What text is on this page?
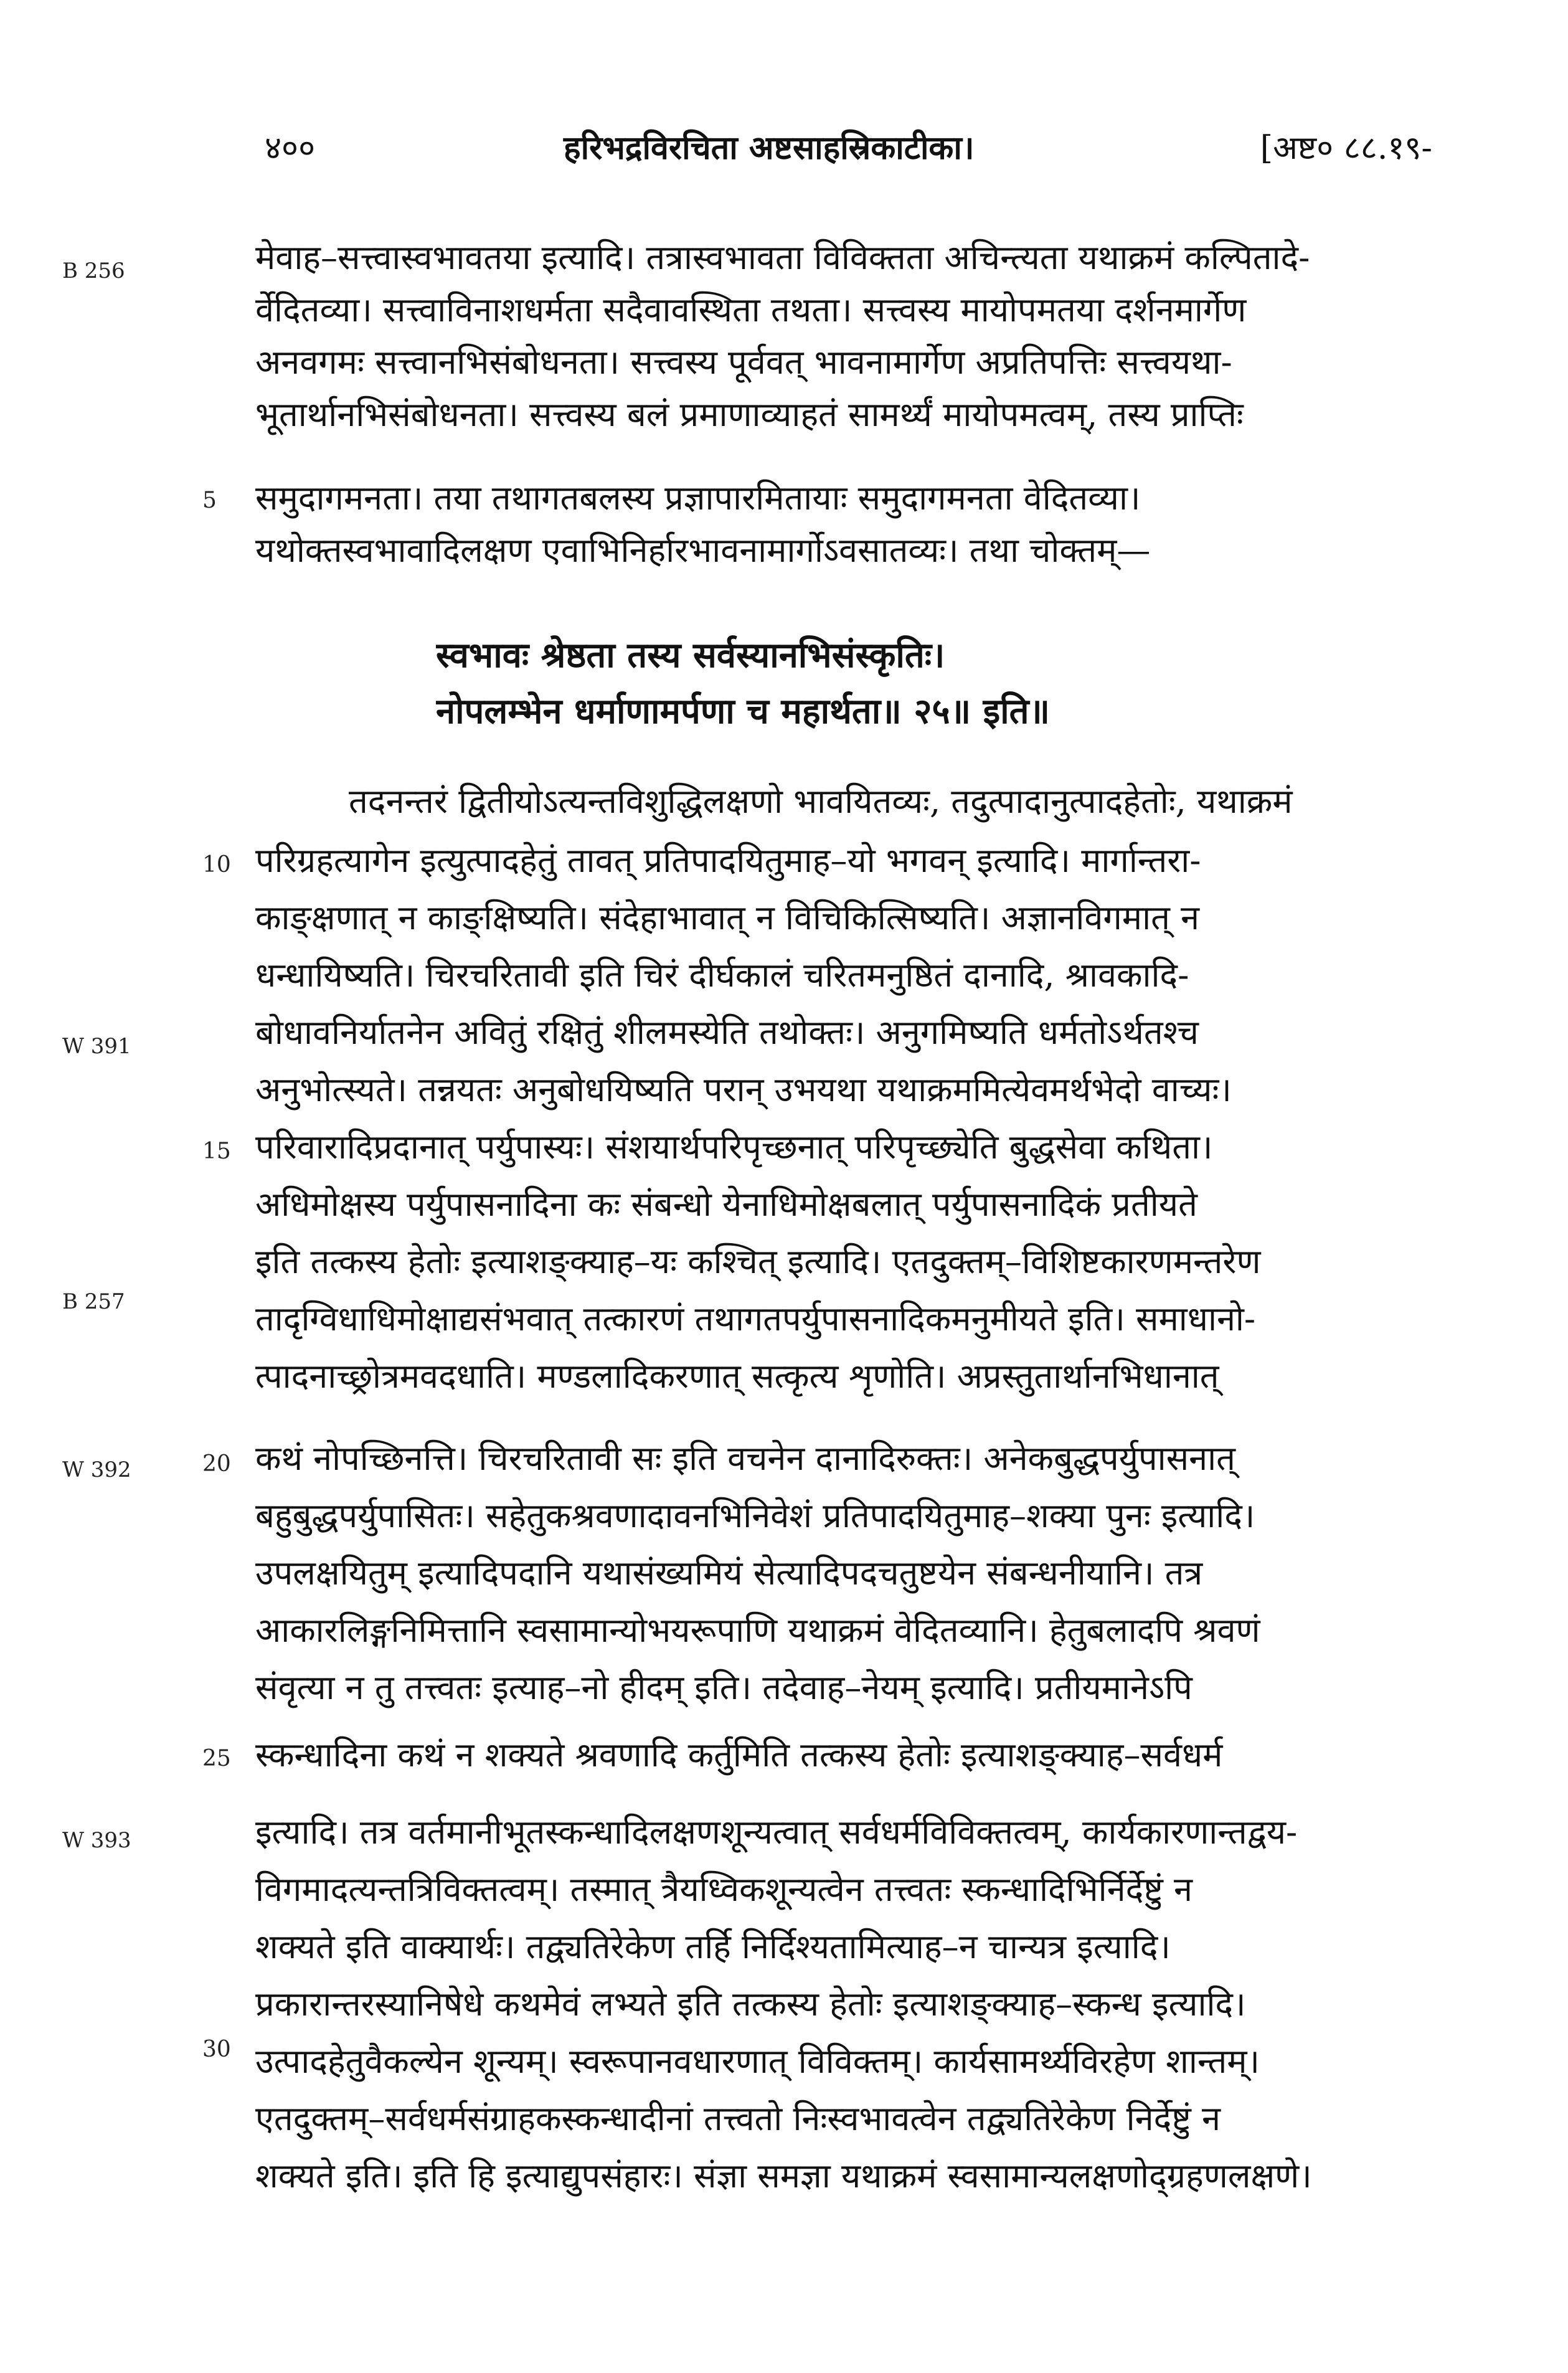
४००	हरिभद्रविरचिता अष्टसाहस्रिकाटीका।	[अष्ट० ८८.१९-
B 256
W 391
B 257
W 392
W 393
5
10
15
20
25
30
मेवाह–सत्त्वास्वभावतया इत्यादि। तत्रास्वभावता विविक्तता अचिन्त्यता यथाक्रमं कल्पितादे-
र्वेदितव्या। सत्त्वाविनाशधर्मता सदैवावस्थिता तथता। सत्त्वस्य मायोपमतया दर्शनमार्गेण
अनवगमः सत्त्वानभिसंबोधनता। सत्त्वस्य पूर्ववत् भावनामार्गेण अप्रतिपत्तिः सत्त्वयथा-
भूतार्थानभिसंबोधनता। सत्त्वस्य बलं प्रमाणाव्याहतं सामर्थ्यं मायोपमत्वम्, तस्य प्राप्तिः
समुदागमनता। तया तथागतबलस्य प्रज्ञापारमितायाः समुदागमनता वेदितव्या।
यथोक्तस्वभावादिलक्षण एवाभिनिर्हारभावनामार्गोऽवसातव्यः। तथा चोक्तम्—
स्वभावः श्रेष्ठता तस्य सर्वस्यानभिसंस्कृतिः।
नोपलम्भेन धर्माणामर्पणा च महार्थता॥ २५॥ इति॥
तदनन्तरं द्वितीयोऽत्यन्तविशुद्धिलक्षणो भावयितव्यः, तदुत्पादानुत्पादहेतोः, यथाक्रमं
परिग्रहत्यागेन इत्युत्पादहेतुं तावत् प्रतिपादयितुमाह–यो भगवन् इत्यादि। मार्गान्तरा-
काङ्क्षणात् न काङ्क्षिष्यति। संदेहाभावात् न विचिकित्सिष्यति। अज्ञानविगमात् न
धन्धायिष्यति। चिरचरितावी इति चिरं दीर्घकालं चरितमनुष्ठितं दानादि, श्रावकादि-
बोधावनिर्यातनेन अवितुं रक्षितुं शीलमस्येति तथोक्तः। अनुगमिष्यति धर्मतोऽर्थतश्च
अनुभोत्स्यते। तन्नयतः अनुबोधयिष्यति परान् उभयथा यथाक्रममित्येवमर्थभेदो वाच्यः।
परिवारादिप्रदानात् पर्युपास्यः। संशयार्थपरिपृच्छनात् परिपृच्छ्येति बुद्धसेवा कथिता।
अधिमोक्षस्य पर्युपासनादिना कः संबन्धो येनाधिमोक्षबलात् पर्युपासनादिकं प्रतीयते
इति तत्कस्य हेतोः इत्याशङ्क्याह–यः कश्चित् इत्यादि। एतदुक्तम्–विशिष्टकारणमन्तरेण
तादृग्विधाधिमोक्षाद्यसंभवात् तत्कारणं तथागतपर्युपासनादिकमनुमीयते इति। समाधानो-
त्पादनाच्छ्रोत्रमवदधाति। मण्डलादिकरणात् सत्कृत्य शृणोति। अप्रस्तुतार्थानभिधानात्
कथं नोपच्छिनत्ति। चिरचरितावी सः इति वचनेन दानादिरुक्तः। अनेकबुद्धपर्युपासनात्
बहुबुद्धपर्युपासितः। सहेतुकश्रवणादावनभिनिवेशं प्रतिपादयितुमाह–शक्या पुनः इत्यादि।
उपलक्षयितुम् इत्यादिपदानि यथासंख्यमियं सेत्यादिपदचतुष्टयेन संबन्धनीयानि। तत्र
आकारलिङ्गनिमित्तानि स्वसामान्योभयरूपाणि यथाक्रमं वेदितव्यानि। हेतुबलादपि श्रवणं
संवृत्या न तु तत्त्वतः इत्याह–नो हीदम् इति। तदेवाह–नेयम् इत्यादि। प्रतीयमानेऽपि
स्कन्धादिना कथं न शक्यते श्रवणादि कर्तुमिति तत्कस्य हेतोः इत्याशङ्क्याह–सर्वधर्म
इत्यादि। तत्र वर्तमानीभूतस्कन्धादिलक्षणशून्यत्वात् सर्वधर्मविविक्तत्वम्, कार्यकारणान्तद्वय-
विगमादत्यन्तत्रिविक्तत्वम्। तस्मात् त्रैयध्विकशून्यत्वेन तत्त्वतः स्कन्धादिभिर्निर्देष्टुं न
शक्यते इति वाक्यार्थः। तद्व्यतिरेकेण तर्हि निर्दिश्यतामित्याह–न चान्यत्र इत्यादि।
प्रकारान्तरस्यानिषेधे कथमेवं लभ्यते इति तत्कस्य हेतोः इत्याशङ्क्याह–स्कन्ध इत्यादि।
उत्पादहेतुवैकल्येन शून्यम्। स्वरूपानवधारणात् विविक्तम्। कार्यसामर्थ्यविरहेण शान्तम्।
एतदुक्तम्–सर्वधर्मसंग्राहकस्कन्धादीनां तत्त्वतो निःस्वभावत्वेन तद्व्यतिरेकेण निर्देष्टुं न
शक्यते इति। इति हि इत्याद्युपसंहारः। संज्ञा समज्ञा यथाक्रमं स्वसामान्यलक्षणोद्ग्रहणलक्षणे।
